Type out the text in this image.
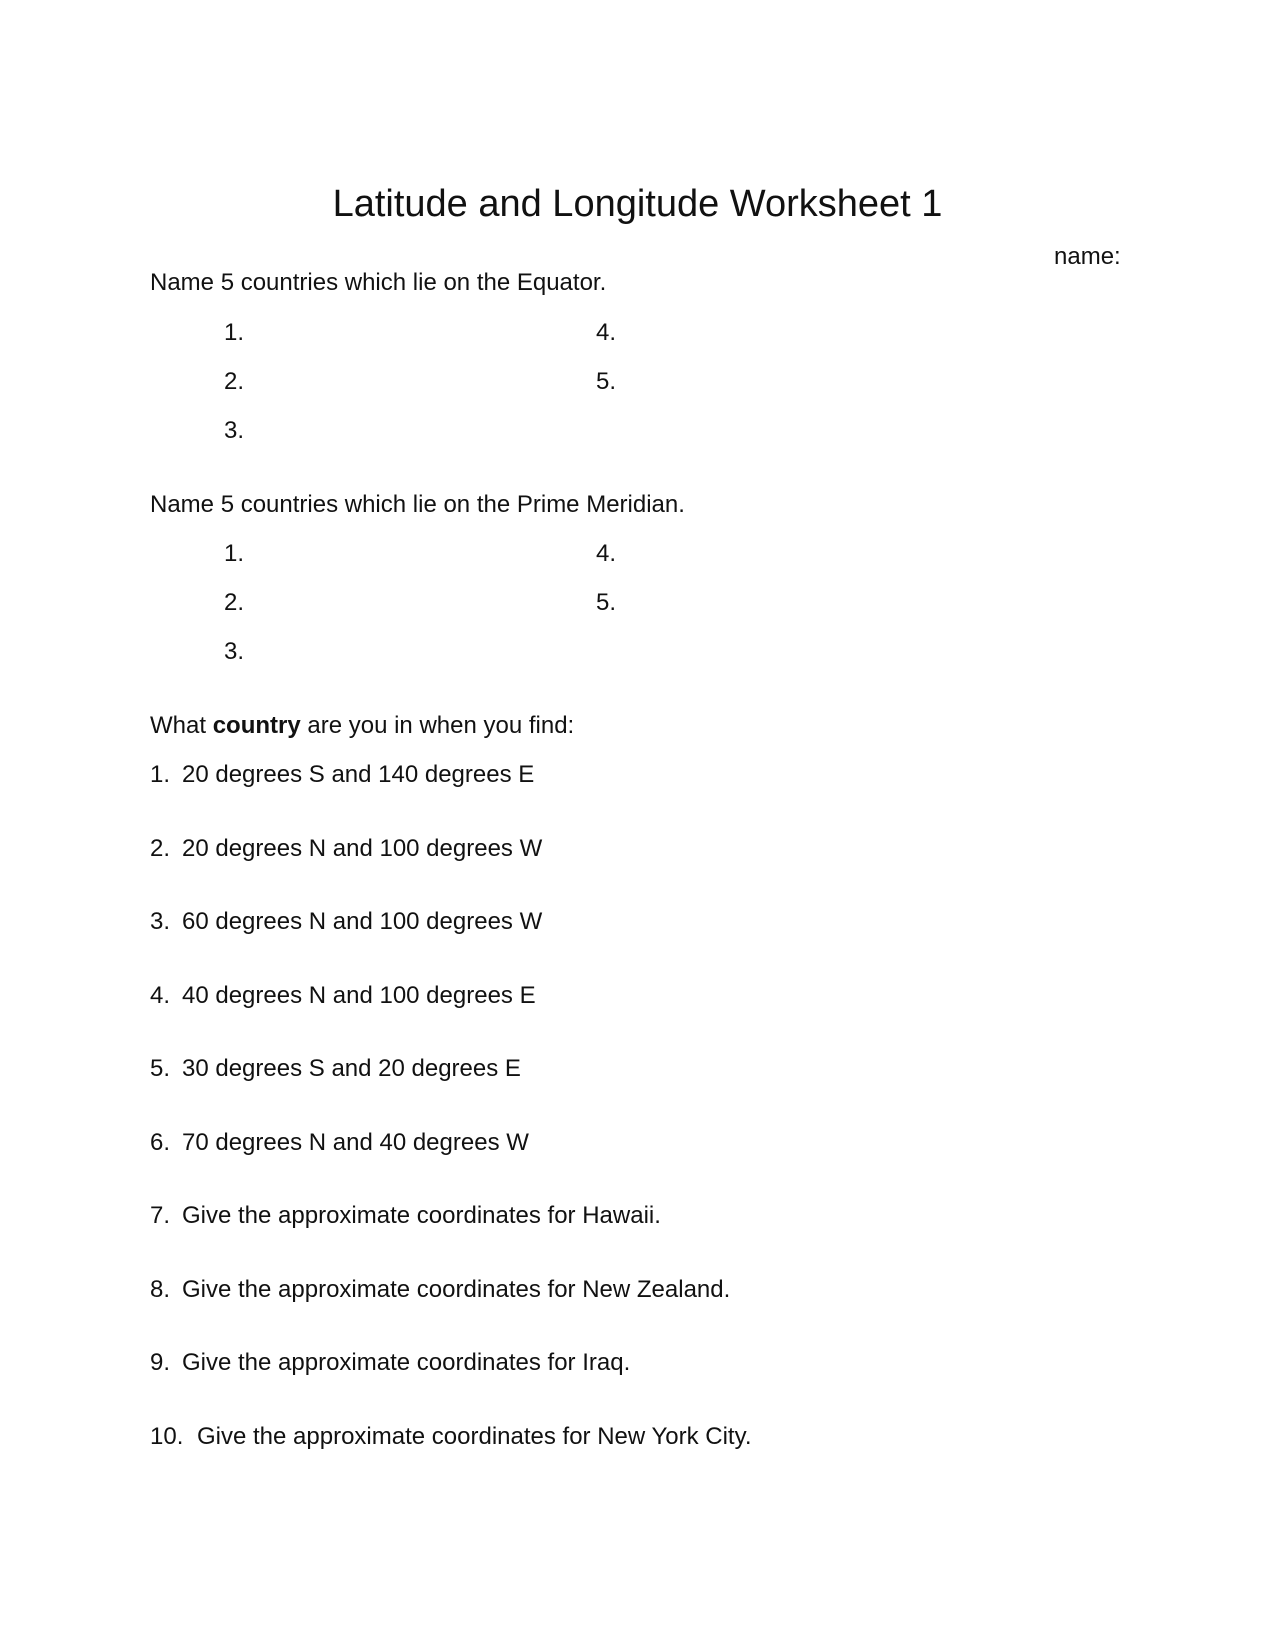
Latitude and Longitude Worksheet 1
name:
Name 5 countries which lie on the Equator.
1.
2.
3.
4.
5.
Name 5 countries which lie on the Prime Meridian.
1.
2.
3.
4.
5.
What country are you in when you find:
1. 20 degrees S and 140 degrees E
2. 20 degrees N and 100 degrees W
3. 60 degrees N and 100 degrees W
4. 40 degrees N and 100 degrees E
5. 30 degrees S and 20 degrees E
6. 70 degrees N and 40 degrees W
7. Give the approximate coordinates for Hawaii.
8. Give the approximate coordinates for New Zealand.
9. Give the approximate coordinates for Iraq.
10. Give the approximate coordinates for New York City.
